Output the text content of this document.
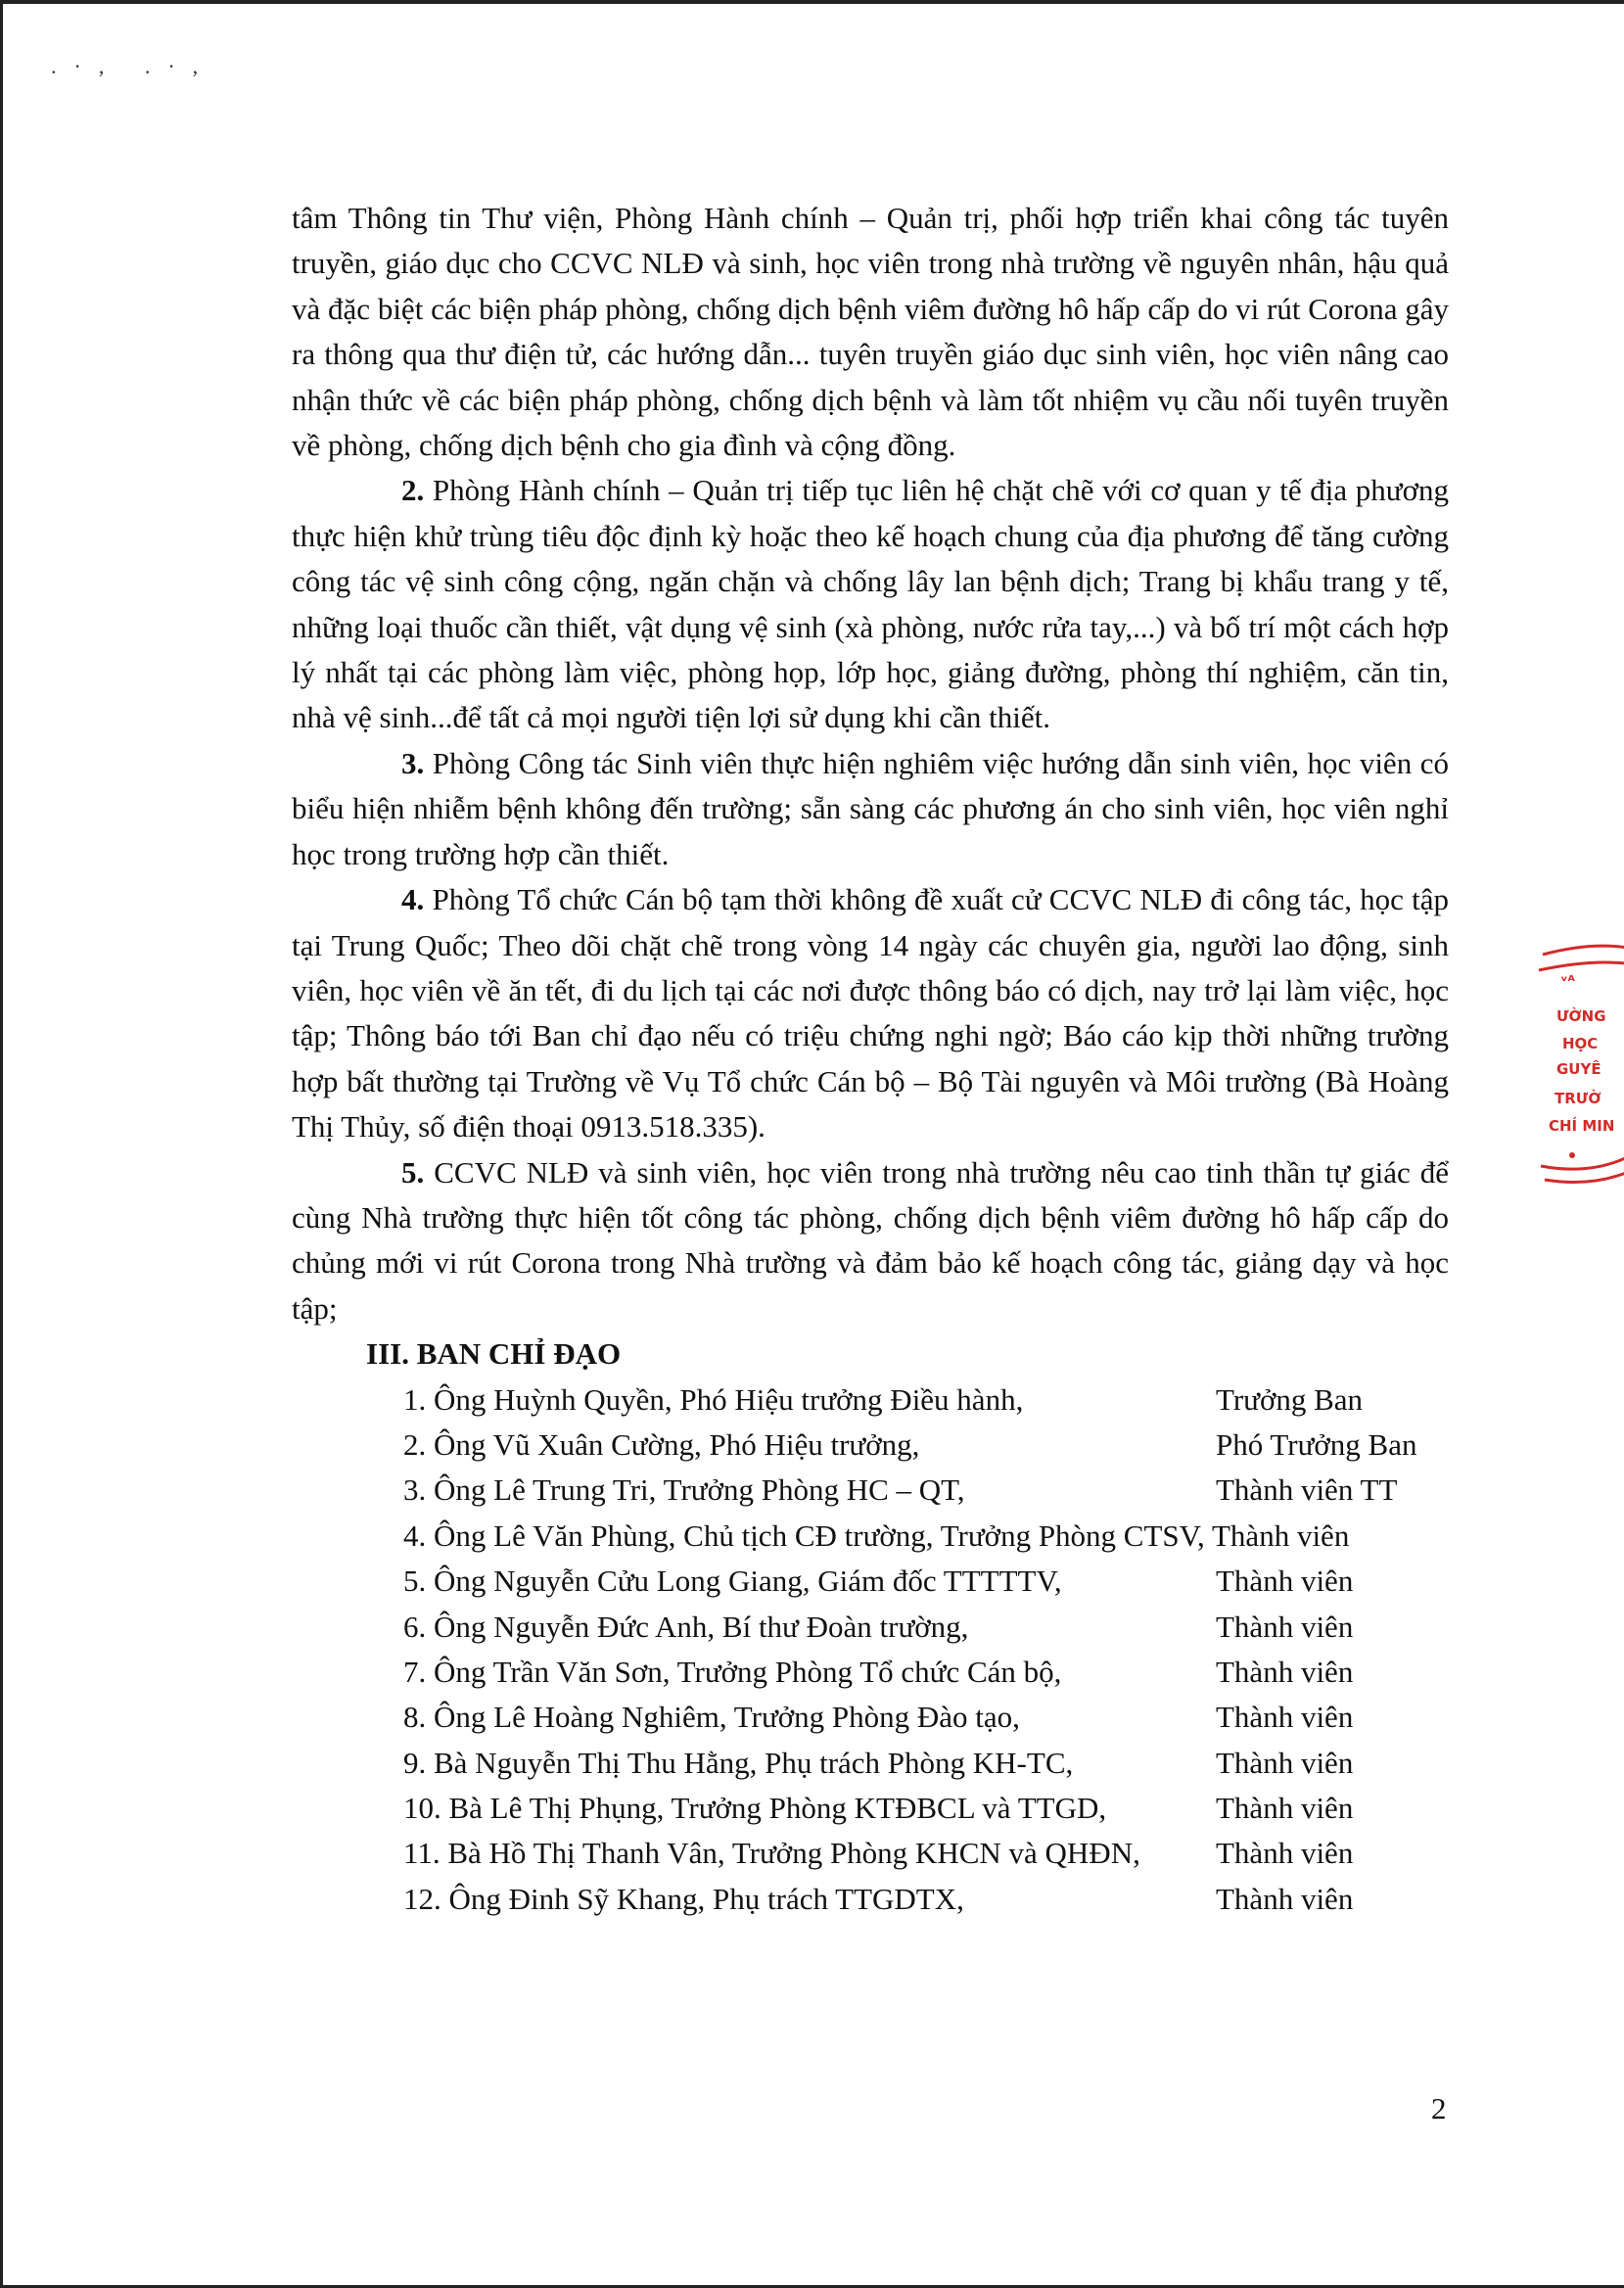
.·, .·,

tâm Thông tin Thư viện, Phòng Hành chính – Quản trị, phối hợp triển khai công tác tuyên truyền, giáo dục cho CCVC NLĐ và sinh, học viên trong nhà trường về nguyên nhân, hậu quả và đặc biệt các biện pháp phòng, chống dịch bệnh viêm đường hô hấp cấp do vi rút Corona gây ra thông qua thư điện tử, các hướng dẫn... tuyên truyền giáo dục sinh viên, học viên nâng cao nhận thức về các biện pháp phòng, chống dịch bệnh và làm tốt nhiệm vụ cầu nối tuyên truyền về phòng, chống dịch bệnh cho gia đình và cộng đồng.

2. Phòng Hành chính – Quản trị tiếp tục liên hệ chặt chẽ với cơ quan y tế địa phương thực hiện khử trùng tiêu độc định kỳ hoặc theo kế hoạch chung của địa phương để tăng cường công tác vệ sinh công cộng, ngăn chặn và chống lây lan bệnh dịch; Trang bị khẩu trang y tế, những loại thuốc cần thiết, vật dụng vệ sinh (xà phòng, nước rửa tay,...) và bố trí một cách hợp lý nhất tại các phòng làm việc, phòng họp, lớp học, giảng đường, phòng thí nghiệm, căn tin, nhà vệ sinh...để tất cả mọi người tiện lợi sử dụng khi cần thiết.

3. Phòng Công tác Sinh viên thực hiện nghiêm việc hướng dẫn sinh viên, học viên có biểu hiện nhiễm bệnh không đến trường; sẵn sàng các phương án cho sinh viên, học viên nghỉ học trong trường hợp cần thiết.

4. Phòng Tổ chức Cán bộ tạm thời không đề xuất cử CCVC NLĐ đi công tác, học tập tại Trung Quốc; Theo dõi chặt chẽ trong vòng 14 ngày các chuyên gia, người lao động, sinh viên, học viên về ăn tết, đi du lịch tại các nơi được thông báo có dịch, nay trở lại làm việc, học tập; Thông báo tới Ban chỉ đạo nếu có triệu chứng nghi ngờ; Báo cáo kịp thời những trường hợp bất thường tại Trường về Vụ Tổ chức Cán bộ – Bộ Tài nguyên và Môi trường (Bà Hoàng Thị Thủy, số điện thoại 0913.518.335).

5. CCVC NLĐ và sinh viên, học viên trong nhà trường nêu cao tinh thần tự giác để cùng Nhà trường thực hiện tốt công tác phòng, chống dịch bệnh viêm đường hô hấp cấp do chủng mới vi rút Corona trong Nhà trường và đảm bảo kế hoạch công tác, giảng dạy và học tập;

III. BAN CHỈ ĐẠO

1. Ông Huỳnh Quyền, Phó Hiệu trưởng Điều hành,	Trưởng Ban
2. Ông Vũ Xuân Cường, Phó Hiệu trưởng,	Phó Trưởng Ban
3. Ông Lê Trung Tri, Trưởng Phòng HC – QT,	Thành viên TT
4. Ông Lê Văn Phùng, Chủ tịch CĐ trường, Trưởng Phòng CTSV, Thành viên
5. Ông Nguyễn Cửu Long Giang, Giám đốc TTTTTV,	Thành viên
6. Ông Nguyễn Đức Anh, Bí thư Đoàn trường,	Thành viên
7. Ông Trần Văn Sơn, Trưởng Phòng Tổ chức Cán bộ,	Thành viên
8. Ông Lê Hoàng Nghiêm, Trưởng Phòng Đào tạo,	Thành viên
9. Bà Nguyễn Thị Thu Hằng, Phụ trách Phòng KH-TC,	Thành viên
10. Bà Lê Thị Phụng, Trưởng Phòng KTĐBCL và TTGD,	Thành viên
11. Bà Hồ Thị Thanh Vân, Trưởng Phòng KHCN và QHĐN, Thành viên
12. Ông Đinh Sỹ Khang, Phụ trách TTGDTX,	Thành viên
ᵛᴬ
ƯỜNG
HỌC
GUYÊ
TRƯỜ
CHÍ MIN
2
